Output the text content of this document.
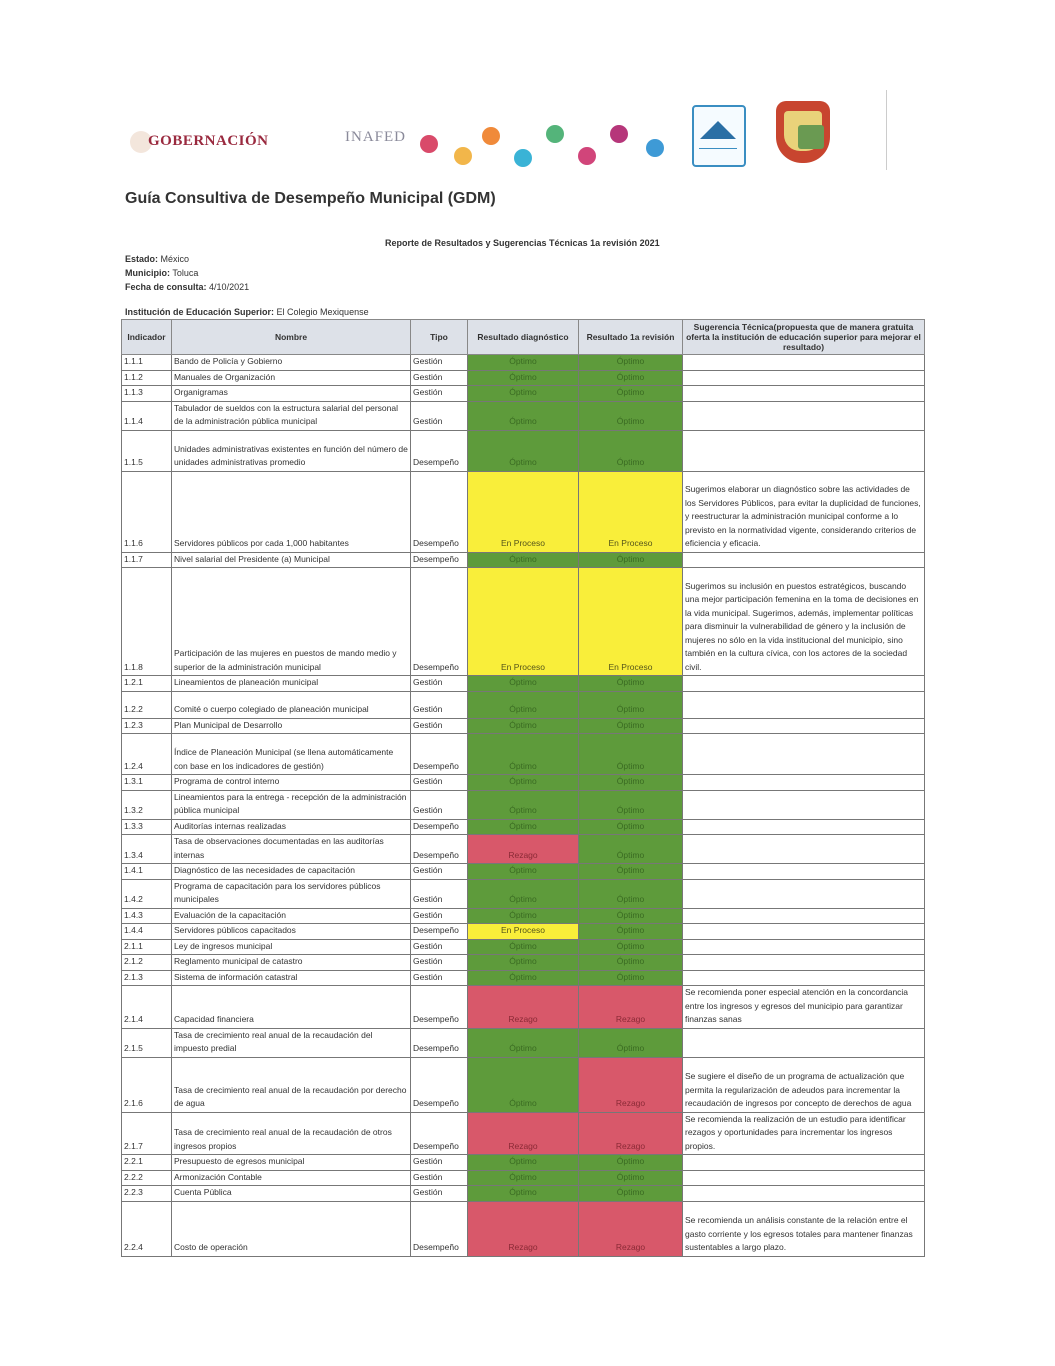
GOBERNACIÓN	INAFED
Guía Consultiva de Desempeño Municipal (GDM)
Reporte de Resultados y Sugerencias Técnicas 1a revisión 2021
Estado: México
Municipio: Toluca
Fecha de consulta: 4/10/2021
Institución de Educación Superior: El Colegio Mexiquense
Indicador	Nombre	Tipo	Resultado diagnóstico	Resultado 1a revisión	Sugerencia Técnica(propuesta que de manera gratuita oferta la institución de educación superior para mejorar el resultado)
1.1.1	Bando de Policía y Gobierno	Gestión	Óptimo	Óptimo	
1.1.2	Manuales de Organización	Gestión	Óptimo	Óptimo	
1.1.3	Organigramas	Gestión	Óptimo	Óptimo	
1.1.4	Tabulador de sueldos con la estructura salarial del personal de la administración pública municipal	Gestión	Óptimo	Óptimo	
1.1.5	Unidades administrativas existentes en función del número de unidades administrativas promedio	Desempeño	Óptimo	Óptimo	
1.1.6	Servidores públicos por cada 1,000 habitantes	Desempeño	En Proceso	En Proceso	Sugerimos elaborar un diagnóstico sobre las actividades de los Servidores Públicos, para evitar la duplicidad de funciones, y reestructurar la administración municipal conforme a lo previsto en la normatividad vigente, considerando criterios de eficiencia y eficacia.
1.1.7	Nivel salarial del Presidente (a) Municipal	Desempeño	Óptimo	Óptimo	
1.1.8	Participación de las mujeres en puestos de mando medio y superior de la administración municipal	Desempeño	En Proceso	En Proceso	Sugerimos su inclusión en puestos estratégicos, buscando una mejor participación femenina en la toma de decisiones en la vida municipal. Sugerimos, además, implementar políticas para disminuir la vulnerabilidad de género y la inclusión de mujeres no sólo en la vida institucional del municipio, sino también en la cultura cívica, con los actores de la sociedad civil.
1.2.1	Lineamientos de planeación municipal	Gestión	Óptimo	Óptimo	
1.2.2	Comité o cuerpo colegiado de planeación municipal	Gestión	Óptimo	Óptimo	
1.2.3	Plan Municipal de Desarrollo	Gestión	Óptimo	Óptimo	
1.2.4	Índice de Planeación Municipal (se llena automáticamente con base en los indicadores de gestión)	Desempeño	Óptimo	Óptimo	
1.3.1	Programa de control interno	Gestión	Óptimo	Óptimo	
1.3.2	Lineamientos para la entrega - recepción de la administración pública municipal	Gestión	Óptimo	Óptimo	
1.3.3	Auditorías internas realizadas	Desempeño	Óptimo	Óptimo	
1.3.4	Tasa de observaciones documentadas en las auditorías internas	Desempeño	Rezago	Óptimo	
1.4.1	Diagnóstico de las necesidades de capacitación	Gestión	Óptimo	Óptimo	
1.4.2	Programa de capacitación para los servidores públicos municipales	Gestión	Óptimo	Óptimo	
1.4.3	Evaluación de la capacitación	Gestión	Óptimo	Óptimo	
1.4.4	Servidores públicos capacitados	Desempeño	En Proceso	Óptimo	
2.1.1	Ley de ingresos municipal	Gestión	Óptimo	Óptimo	
2.1.2	Reglamento municipal de catastro	Gestión	Óptimo	Óptimo	
2.1.3	Sistema de información catastral	Gestión	Óptimo	Óptimo	
2.1.4	Capacidad financiera	Desempeño	Rezago	Rezago	Se recomienda poner especial atención en la concordancia entre los ingresos y egresos del municipio para garantizar finanzas sanas
2.1.5	Tasa de crecimiento real anual de la recaudación del impuesto predial	Desempeño	Óptimo	Óptimo	
2.1.6	Tasa de crecimiento real anual de la recaudación por derecho de agua	Desempeño	Óptimo	Rezago	Se sugiere el diseño de un programa de actualización que permita la regularización de adeudos para incrementar la recaudación de ingresos por concepto de derechos de agua
2.1.7	Tasa de crecimiento real anual de la recaudación de otros ingresos propios	Desempeño	Rezago	Rezago	Se recomienda la realización de un estudio para identificar rezagos y oportunidades para incrementar los ingresos propios.
2.2.1	Presupuesto de egresos municipal	Gestión	Óptimo	Óptimo	
2.2.2	Armonización Contable	Gestión	Óptimo	Óptimo	
2.2.3	Cuenta Pública	Gestión	Óptimo	Óptimo	
2.2.4	Costo de operación	Desempeño	Rezago	Rezago	Se recomienda un análisis constante de la relación entre el gasto corriente y los egresos totales para mantener finanzas sustentables a largo plazo.
